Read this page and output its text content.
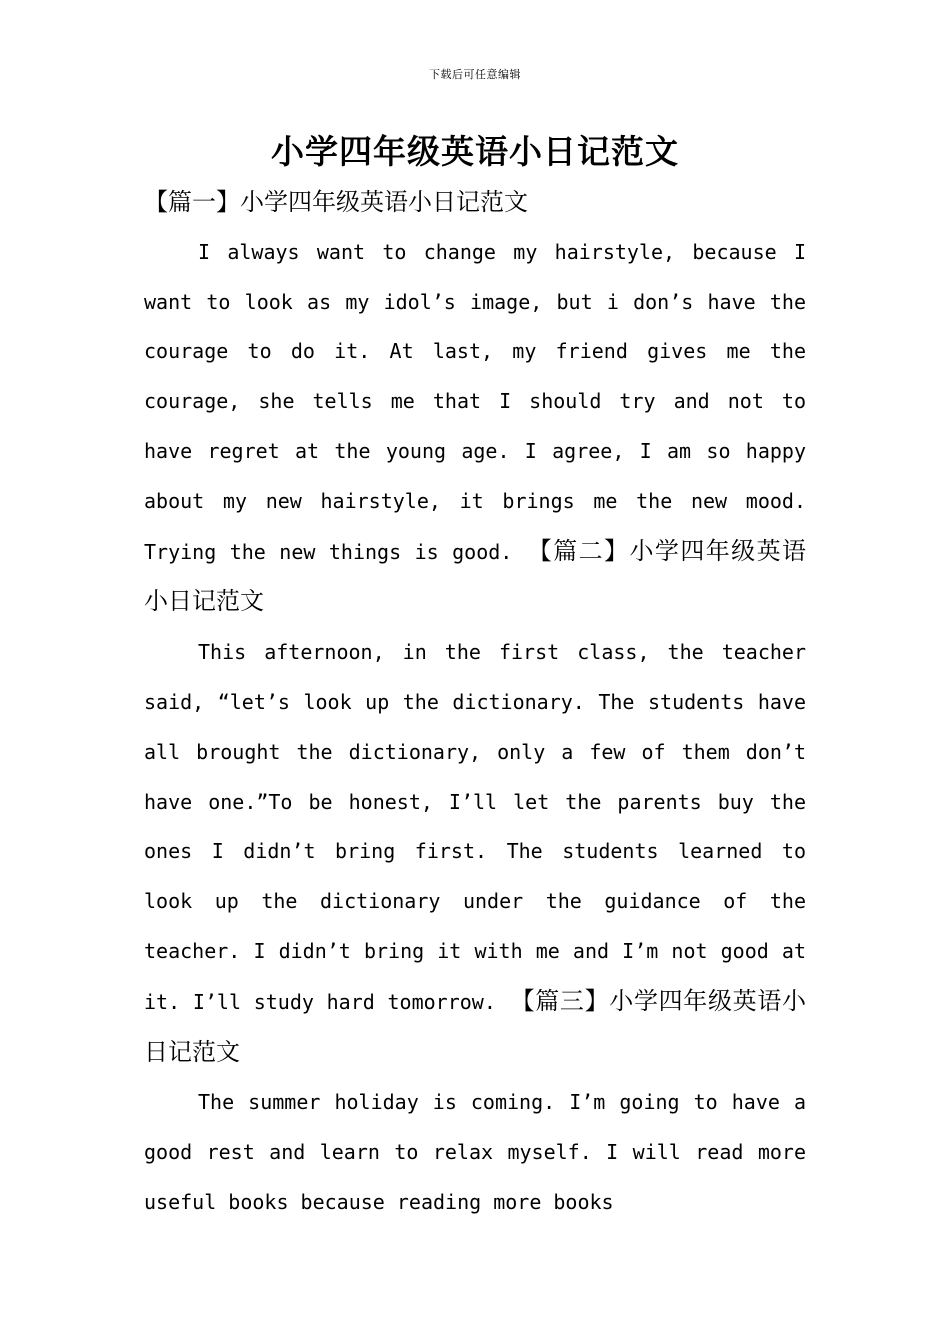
下载后可任意编辑
小学四年级英语小日记范文

【篇一】小学四年级英语小日记范文

I always want to change my hairstyle, because I want to look as my idol’s image, but i don’s have the courage to do it. At last, my friend gives me the courage, she tells me that I should try and not to have regret at the young age. I agree, I am so happy about my new hairstyle, it brings me the new mood. Trying the new things is good. 【篇二】小学四年级英语小日记范文

This afternoon, in the first class, the teacher said, “let’s look up the dictionary. The students have all brought the dictionary, only a few of them don’t have one.”To be honest, I’ll let the parents buy the ones I didn’t bring first. The students learned to look up the dictionary under the guidance of the teacher. I didn’t bring it with me and I’m not good at it. I’ll study hard tomorrow. 【篇三】小学四年级英语小日记范文

The summer holiday is coming. I’m going to have a good rest and learn to relax myself. I will read more useful books because reading more books
